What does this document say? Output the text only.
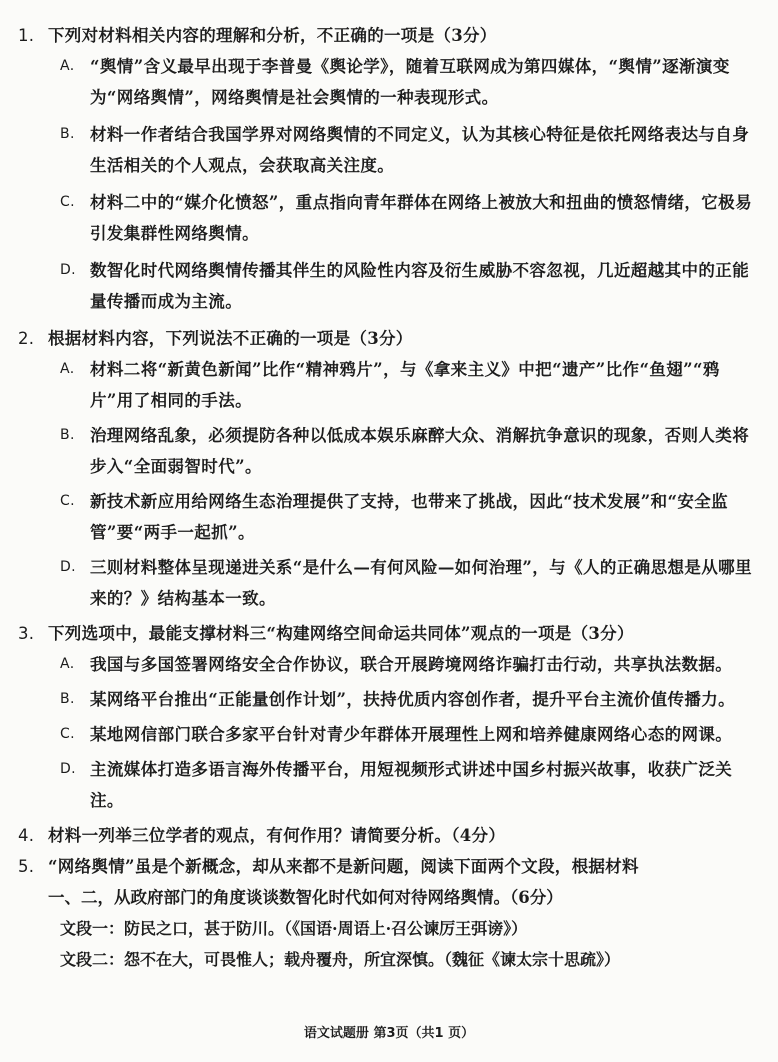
1. 下列对材料相关内容的理解和分析，不正确的一项是（3分）
A. “舆情”含义最早出现于李普曼《舆论学》，随着互联网成为第四媒体，“舆情”逐渐演变为“网络舆情”，网络舆情是社会舆情的一种表现形式。
B. 材料一作者结合我国学界对网络舆情的不同定义，认为其核心特征是依托网络表达与自身生活相关的个人观点，会获取高关注度。
C. 材料二中的“媒介化愤怒”，重点指向青年群体在网络上被放大和扭曲的愤怒情绪，它极易引发集群性网络舆情。
D. 数智化时代网络舆情传播其伴生的风险性内容及衍生威胁不容忽视，几近超越其中的正能量传播而成为主流。
2. 根据材料内容，下列说法不正确的一项是（3分）
A. 材料二将“新黄色新闻”比作“精神鸦片”，与《拿来主义》中把“遗产”比作“鱼翅”“鸦片”用了相同的手法。
B. 治理网络乱象，必须提防各种以低成本娱乐麻醉大众、消解抗争意识的现象，否则人类将步入“全面弱智时代”。
C. 新技术新应用给网络生态治理提供了支持，也带来了挑战，因此“技术发展”和“安全监管”要“两手一起抓”。
D. 三则材料整体呈现递进关系“是什么—有何风险—如何治理”，与《人的正确思想是从哪里来的？》结构基本一致。
3. 下列选项中，最能支撑材料三“构建网络空间命运共同体”观点的一项是（3分）
A. 我国与多国签署网络安全合作协议，联合开展跨境网络诈骗打击行动，共享执法数据。
B. 某网络平台推出“正能量创作计划”，扶持优质内容创作者，提升平台主流价值传播力。
C. 某地网信部门联合多家平台针对青少年群体开展理性上网和培养健康网络心态的网课。
D. 主流媒体打造多语言海外传播平台，用短视频形式讲述中国乡村振兴故事，收获广泛关注。
4. 材料一列举三位学者的观点，有何作用？请简要分析。（4分）
5. “网络舆情”虽是个新概念，却从来都不是新问题，阅读下面两个文段，根据材料
一、二，从政府部门的角度谈谈数智化时代如何对待网络舆情。（6分）
文段一： 防民之口，甚于防川。（《国语·周语上·召公谏厉王弭谤》）
文段二： 怨不在大，可畏惟人；载舟覆舟，所宜深慎。（魏征《谏太宗十思疏》）
语文试题册 第3页（共1 页）
